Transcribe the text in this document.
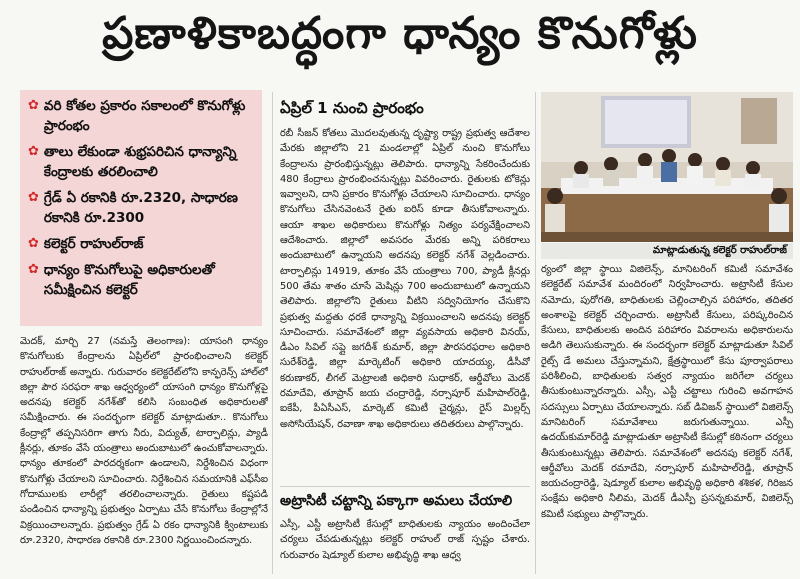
ప్రణాళికాబద్ధంగా ధాన్యం కొనుగోళ్లు
✿ వరి కోతల ప్రకారం సకాలంలో కొనుగోళ్లు ప్రారంభం
✿ తాలు లేకుండా శుభ్రపరిచిన ధాన్యాన్ని కేంద్రాలకు తరలించాలి
✿ గ్రేడ్ ఏ రకానికి రూ.2320, సాధారణ రకానికి రూ.2300
✿ కలెక్టర్ రాహుల్‌రాజ్
✿ ధాన్యం కొనుగోలుపై అధికారులతో సమీక్షించిన కలెక్టర్
మెదక్, మార్చి 27 (నమస్తే తెలంగాణ): యాసంగి ధాన్యం కొనుగోలుకు కేంద్రాలను ఏప్రిల్‌లో ప్రారంభించాలని కలెక్టర్ రాహుల్‌రాజ్ అన్నారు. గురువారం కలెక్టరేట్‌లోని కాన్ఫరెన్స్ హాల్‌లో జిల్లా పౌర సరఫరా శాఖ ఆధ్వర్యంలో యాసంగి ధాన్యం కొనుగోళ్లపై అదనపు కలెక్టర్ నగేశ్‌తో కలిసి సంబంధిత అధికారులతో సమీక్షించారు. ఈ సందర్భంగా కలెక్టర్ మాట్లాడుతూ.. కొనుగోలు కేంద్రాల్లో తప్పనిసరిగా తాగు నీరు, విద్యుత్, టార్పాలిన్లు, ప్యాడీ క్లీనర్లు, తూకం వేసే యంత్రాలు అందుబాటులో ఉంచుకోవాలన్నారు. ధాన్యం తూకంలో పారదర్శకంగా ఉండాలని, నిర్దేశించిన విధంగా కొనుగోళ్లు చేయాలని సూచించారు. నిర్దేశించిన సమయానికి ఎఫ్‌సీఐ గోదాములకు లారీల్లో తరలించాలన్నారు. రైతులు కష్టపడి పండించిన ధాన్యాన్ని ప్రభుత్వం ఏర్పాటు చేసే కొనుగోలు కేంద్రాల్లోనే విక్రయించాలన్నారు. ప్రభుత్వం గ్రేడ్ ఏ రకం ధాన్యానికి క్వింటాలుకు రూ.2320, సాధారణ రకానికి రూ.2300 నిర్ణయించిందన్నారు.
ఏప్రిల్ 1 నుంచి ప్రారంభం
రబీ సీజన్ కోతలు మొదలవుతున్న దృష్ట్యా రాష్ట్ర ప్రభుత్వ ఆదేశాల మేరకు జిల్లాలోని 21 మండలాల్లో ఏప్రిల్ నుంచి కొనుగోలు కేంద్రాలను ప్రారంభిస్తున్నట్లు తెలిపారు. ధాన్యాన్ని సేకరించేందుకు 480 కేంద్రాలు ప్రారంభించనున్నట్లు వివరించారు. రైతులకు టోకెన్లు ఇవ్వాలని, దాని ప్రకారం కొనుగోళ్లు చేయాలని సూచించారు. ధాన్యం కొనుగోలు చేసినవెంటనే రైతు ఐరిస్ కూడా తీసుకోవాలన్నారు. ఆయా శాఖల అధికారులు కొనుగోళ్లు నిత్యం పర్యవేక్షించాలని ఆదేశించారు. జిల్లాలో అవసరం మేరకు అన్ని పరికరాలు అందుబాటులో ఉన్నాయని అదనపు కలెక్టర్ నగేశ్ వెల్లడించారు. టార్పాలిన్లు 14919, తూకం వేసే యంత్రాలు 700, ప్యాడీ క్లీనర్లు 500 తేమ శాతం చూసే మెషిన్లు 700 అందుబాటులో ఉన్నాయని తెలిపారు. జిల్లాలోని రైతులు వీటిని సద్వినియోగం చేసుకొని ప్రభుత్వ మద్దతు ధరకే ధాన్యాన్ని విక్రయించాలని అదనపు కలెక్టర్ సూచించారు. సమావేశంలో జిల్లా వ్యవసాయ అధికారి వినయ్, డీఎం సివిల్ సప్లై జగదీశ్ కుమార్, జిల్లా పౌరసరఫరాల అధికారి సురేశ్‌రెడ్డి, జిల్లా మార్కెటింగ్ అధికారి యాదయ్య, డీసీవో కరుణాకర్, లీగల్ మెట్రాలజీ అధికారి సుధాకర్, ఆర్డీవోలు మెదక్ రమాదేవి, తూప్రాన్ జయ చంద్రారెడ్డి, నర్సాపూర్ మహిపాల్‌రెడ్డి, ఐకేపీ, పీఏసీఎస్, మార్కెట్ కమిటీ చైర్మన్లు, రైస్ మిల్లర్స్ అసోసియేషన్, రవాణా శాఖ అధికారులు తదితరులు పాల్గొన్నారు.
అట్రాసిటీ చట్టాన్ని పక్కాగా అమలు చేయాలి
ఎస్సీ, ఎస్టీ అట్రాసిటీ కేసుల్లో బాధితులకు న్యాయం అందించేలా చర్యలు చేపడుతున్నట్లు కలెక్టర్ రాహుల్ రాజ్ స్పష్టం చేశారు. గురువారం షెడ్యూల్ కులాల అభివృద్ధి శాఖ ఆధ్వ
మాట్లాడుతున్న కలెక్టర్ రాహుల్‌రాజ్
ర్యంలో జిల్లా స్థాయి విజిలెన్స్, మానిటరింగ్ కమిటీ సమావేశం కలెక్టరేట్ సమావేశ మందిరంలో నిర్వహించారు. అట్రాసిటీ కేసుల నమోదు, పురోగతి, బాధితులకు చెల్లించాల్సిన పరిహారం, తదితర అంశాలపై కలెక్టర్ చర్చించారు. అట్రాసిటీ కేసులు, పరిష్కరించిన కేసులు, బాధితులకు అందిన పరిహారం వివరాలను అధికారులను అడిగి తెలుసుకున్నారు. ఈ సందర్భంగా కలెక్టర్ మాట్లాడుతూ సివిల్ రైట్స్ డే అమలు చేస్తున్నామని, క్షేత్రస్థాయిలో కేసు పూర్వాపరాలు పరిశీలించి, బాధితులకు సత్వర న్యాయం జరిగేలా చర్యలు తీసుకుంటున్నారన్నారు. ఎస్సీ, ఎస్టీ చట్టాలు గురించి అవగాహన సదస్సులు ఏర్పాటు చేయాలన్నారు. సబ్ డివిజన్ స్థాయిలో విజిలెన్స్ మానిటరింగ్ సమావేశాలు జరుగుతున్నాయి. ఎస్పీ ఉదయ్‌కుమార్‌రెడ్డి మాట్లాడుతూ అట్రాసిటీ కేసుల్లో కఠినంగా చర్యలు తీసుకుంటున్నట్లు తెలిపారు. సమావేశంలో అదనపు కలెక్టర్ నగేశ్, ఆర్డీవోలు మెదక్ రమాదేవి, నర్సాపూర్ మహిపాల్‌రెడ్డి, తూప్రాన్ జయచంద్రారెడ్డి, షెడ్యూల్ కులాల అభివృద్ధి అధికారి శశికళ, గిరిజన సంక్షేమ అధికారి నీలిమ, మెదక్ డీఎస్పీ ప్రసన్నకుమార్, విజిలెన్స్ కమిటీ సభ్యులు పాల్గొన్నారు.
